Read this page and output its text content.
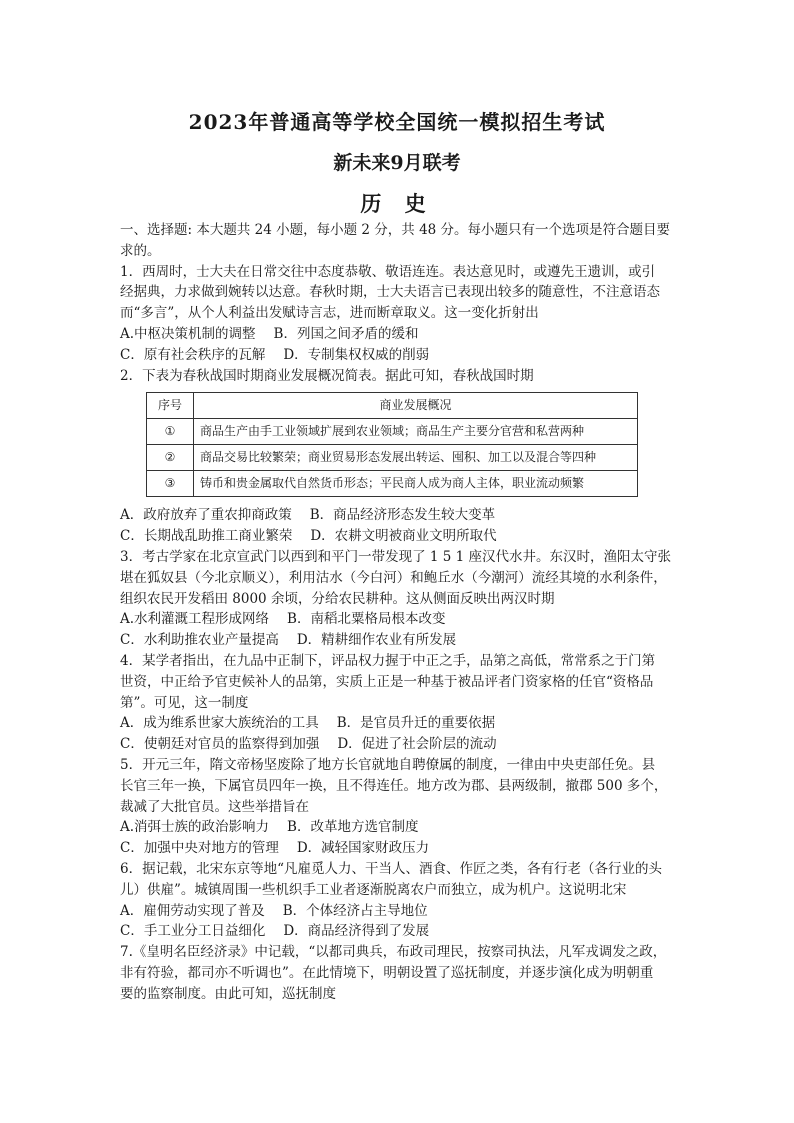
2023年普通高等学校全国统一模拟招生考试
新未来9月联考
历 史
一、选择题: 本大题共 24 小题，每小题 2 分，共 48 分。每小题只有一个选项是符合题目要
求的。
1．西周时，士大夫在日常交往中态度恭敬、敬语连连。表达意见时，或遵先王遗训，或引
经据典，力求做到婉转以达意。春秋时期，士大夫语言已表现出较多的随意性，不注意语态
而“多言”，从个人利益出发赋诗言志，进而断章取义。这一变化折射出
A.中枢决策机制的调整 B．列国之间矛盾的缓和
C．原有社会秩序的瓦解 D．专制集权权威的削弱
2．下表为春秋战国时期商业发展概况简表。据此可知，春秋战国时期
序号	商业发展概况
①	商品生产由手工业领域扩展到农业领域；商品生产主要分官营和私营两种
②	商品交易比较繁荣；商业贸易形态发展出转运、囤积、加工以及混合等四种
③	铸币和贵金属取代自然货币形态；平民商人成为商人主体，职业流动频繁
A．政府放弃了重农抑商政策 B．商品经济形态发生较大变革
C．长期战乱助推工商业繁荣 D．农耕文明被商业文明所取代
3．考古学家在北京宣武门以西到和平门一带发现了 1 5 1 座汉代水井。东汉时，渔阳太守张
堪在狐奴县（今北京顺义），利用沽水（今白河）和鲍丘水（今潮河）流经其境的水利条件，
组织农民开发稻田 8000 余顷，分给农民耕种。这从侧面反映出两汉时期
A.水利灌溉工程形成网络 B．南稻北粟格局根本改变
C．水利助推农业产量提高 D．精耕细作农业有所发展
4．某学者指出，在九品中正制下，评品权力握于中正之手，品第之高低，常常系之于门第
世资，中正给予官吏候补人的品第，实质上正是一种基于被品评者门资家格的任官“资格品
第”。可见，这一制度
A．成为维系世家大族统治的工具 B．是官员升迁的重要依据
C．使朝廷对官员的监察得到加强 D．促进了社会阶层的流动
5．开元三年，隋文帝杨坚废除了地方长官就地自聘僚属的制度，一律由中央吏部任免。县
长官三年一换，下属官员四年一换，且不得连任。地方改为郡、县两级制，撤郡 500 多个，
裁减了大批官员。这些举措旨在
A.消弭士族的政治影响力 B．改革地方选官制度
C．加强中央对地方的管理 D．减轻国家财政压力
6．据记载，北宋东京等地“凡雇觅人力、干当人、酒食、作匠之类，各有行老（各行业的头
儿）供雇”。城镇周围一些机织手工业者逐渐脱离农户而独立，成为机户。这说明北宋
A．雇佣劳动实现了普及 B．个体经济占主导地位
C．手工业分工日益细化 D．商品经济得到了发展
7.《皇明名臣经济录》中记载，“以都司典兵，布政司理民，按察司执法，凡军戎调发之政，
非有符验，都司亦不听调也”。在此情境下，明朝设置了巡抚制度，并逐步演化成为明朝重
要的监察制度。由此可知，巡抚制度
